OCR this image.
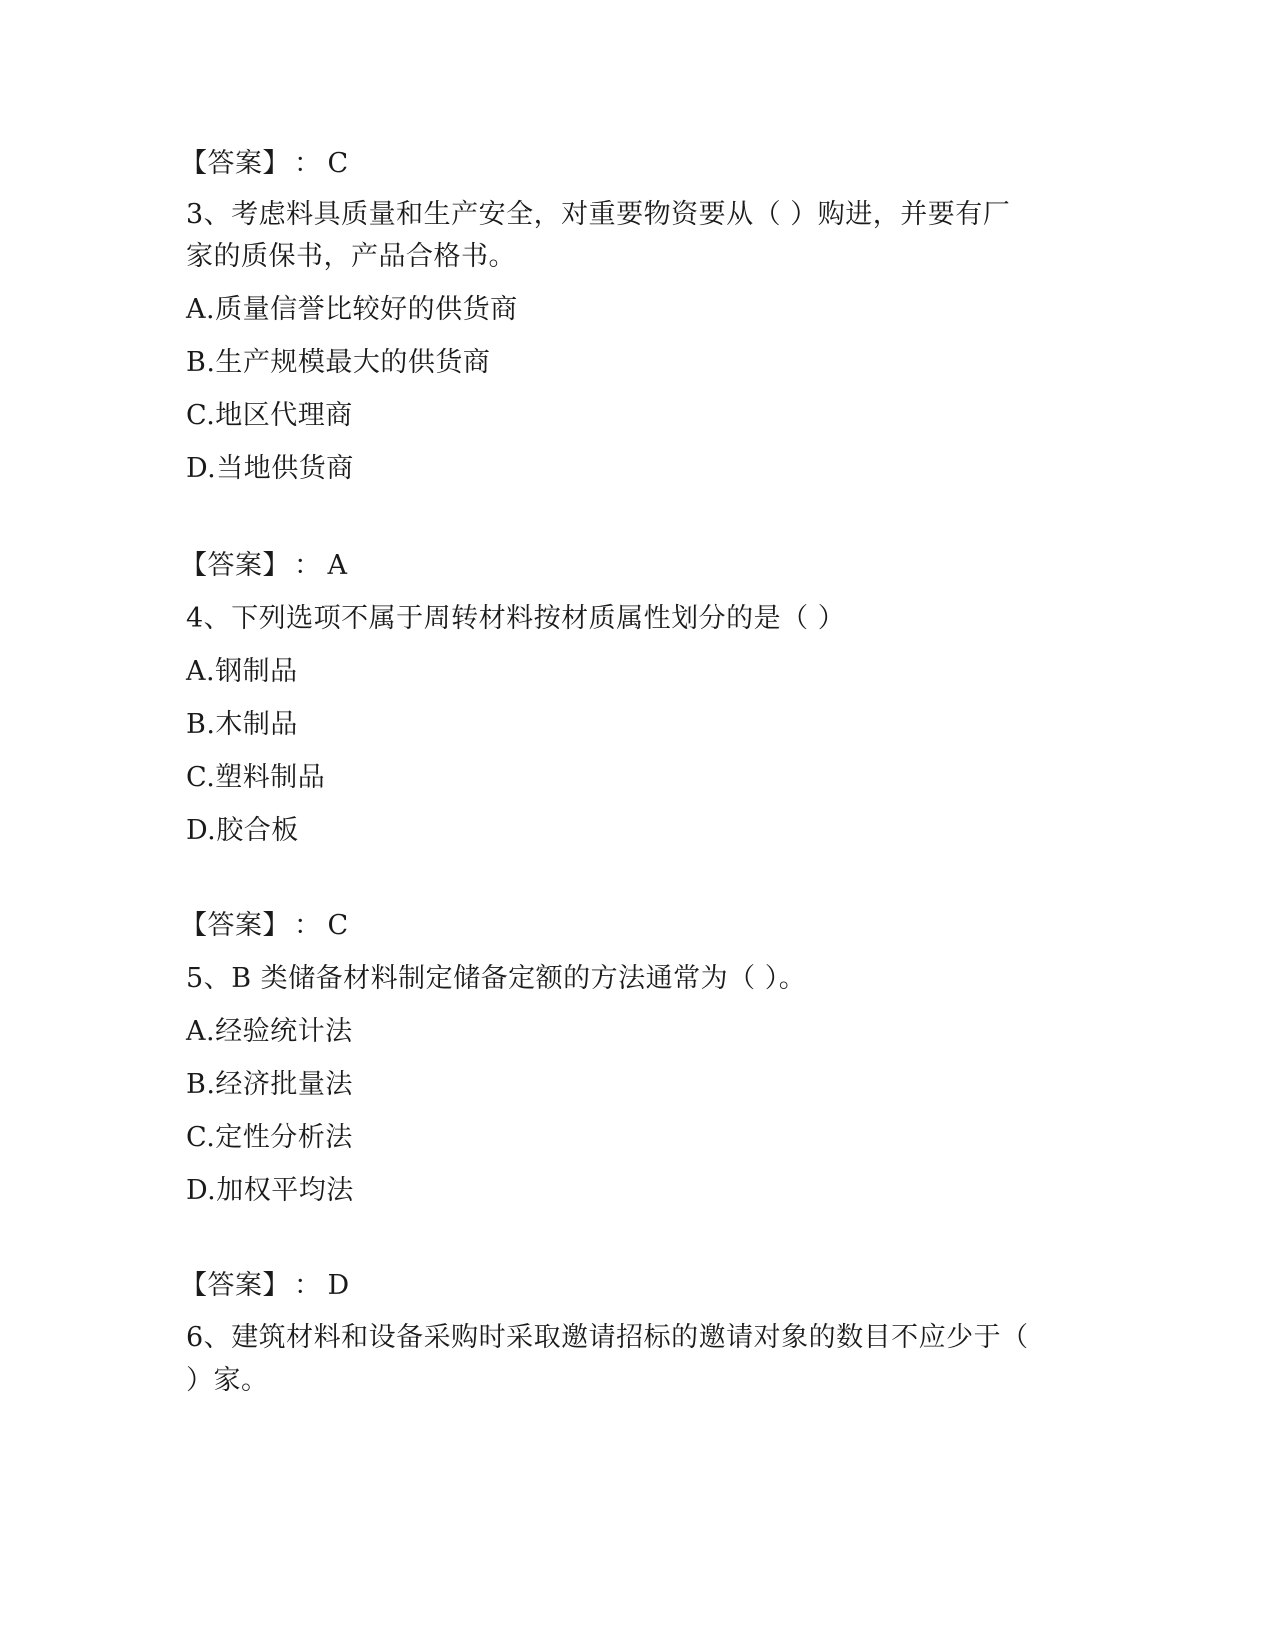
【答案】 ： C
3、考虑料具质量和生产安全，对重要物资要从（ ）购进，并要有厂
家的质保书，产品合格书。
A.质量信誉比较好的供货商
B.生产规模最大的供货商
C.地区代理商
D.当地供货商
【答案】 ： A
4、下列选项不属于周转材料按材质属性划分的是（ ）
A.钢制品
B.木制品
C.塑料制品
D.胶合板
【答案】 ： C
5、B 类储备材料制定储备定额的方法通常为（ ）。
A.经验统计法
B.经济批量法
C.定性分析法
D.加权平均法
【答案】 ： D
6、建筑材料和设备采购时采取邀请招标的邀请对象的数目不应少于（
）家。
